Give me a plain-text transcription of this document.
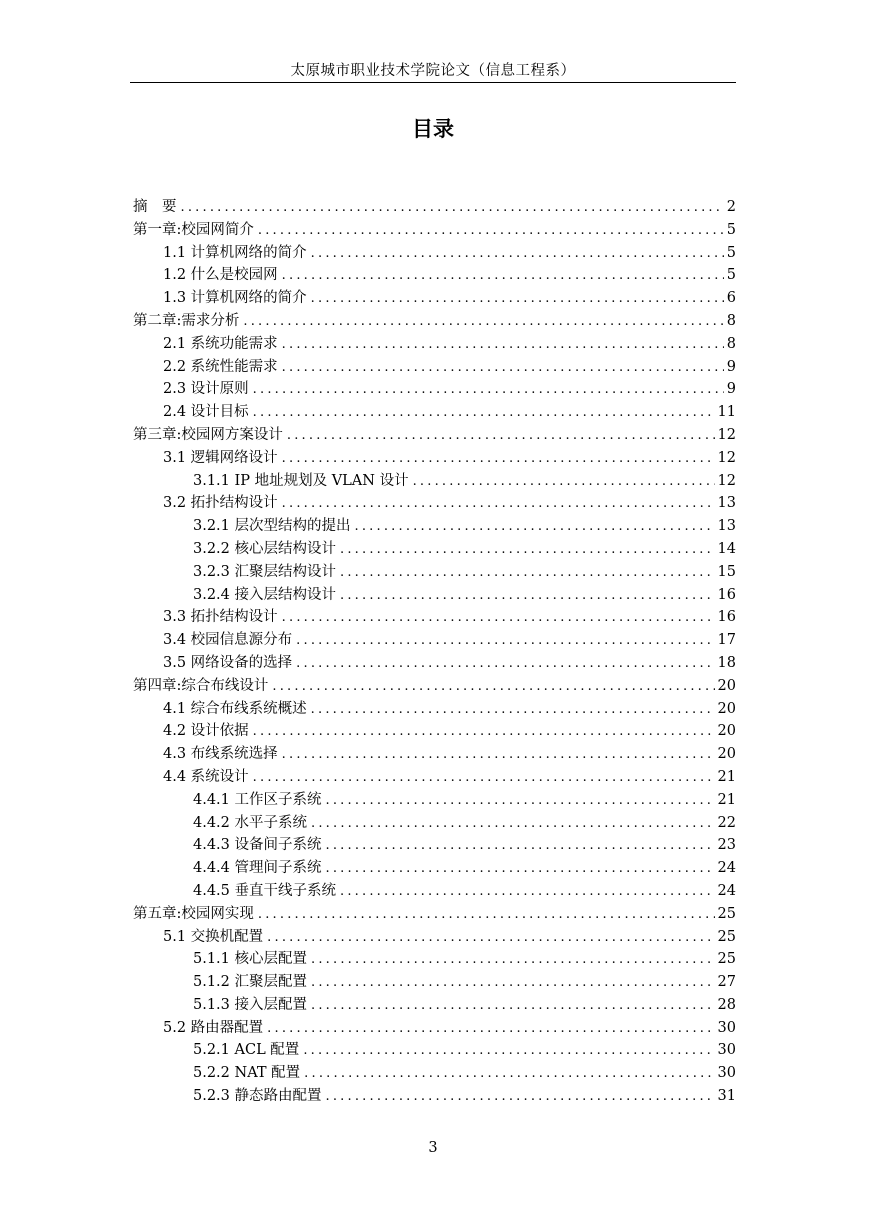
太原城市职业技术学院论文（信息工程系）
目录
摘　要 .....	2
第一章:校园网简介 .....	5
1.1 计算机网络的简介 .....	5
1.2 什么是校园网 .....	5
1.3 计算机网络的简介 .....	6
第二章:需求分析 .....	8
2.1 系统功能需求 .....	8
2.2 系统性能需求 .....	9
2.3 设计原则 .....	9
2.4 设计目标 .....	11
第三章:校园网方案设计 .....	12
3.1 逻辑网络设计 .....	12
3.1.1 IP 地址规划及 VLAN 设计 .....	12
3.2 拓扑结构设计 .....	13
3.2.1 层次型结构的提出 .....	13
3.2.2 核心层结构设计 .....	14
3.2.3 汇聚层结构设计 .....	15
3.2.4 接入层结构设计 .....	16
3.3 拓扑结构设计 .....	16
3.4 校园信息源分布 .....	17
3.5 网络设备的选择 .....	18
第四章:综合布线设计 .....	20
4.1 综合布线系统概述 .....	20
4.2 设计依据 .....	20
4.3 布线系统选择 .....	20
4.4 系统设计 .....	21
4.4.1 工作区子系统 .....	21
4.4.2 水平子系统 .....	22
4.4.3 设备间子系统 .....	23
4.4.4 管理间子系统 .....	24
4.4.5 垂直干线子系统 .....	24
第五章:校园网实现 .....	25
5.1 交换机配置 .....	25
5.1.1 核心层配置 .....	25
5.1.2 汇聚层配置 .....	27
5.1.3 接入层配置 .....	28
5.2 路由器配置 .....	30
5.2.1 ACL 配置 .....	30
5.2.2 NAT 配置 .....	30
5.2.3 静态路由配置 .....	31
3
